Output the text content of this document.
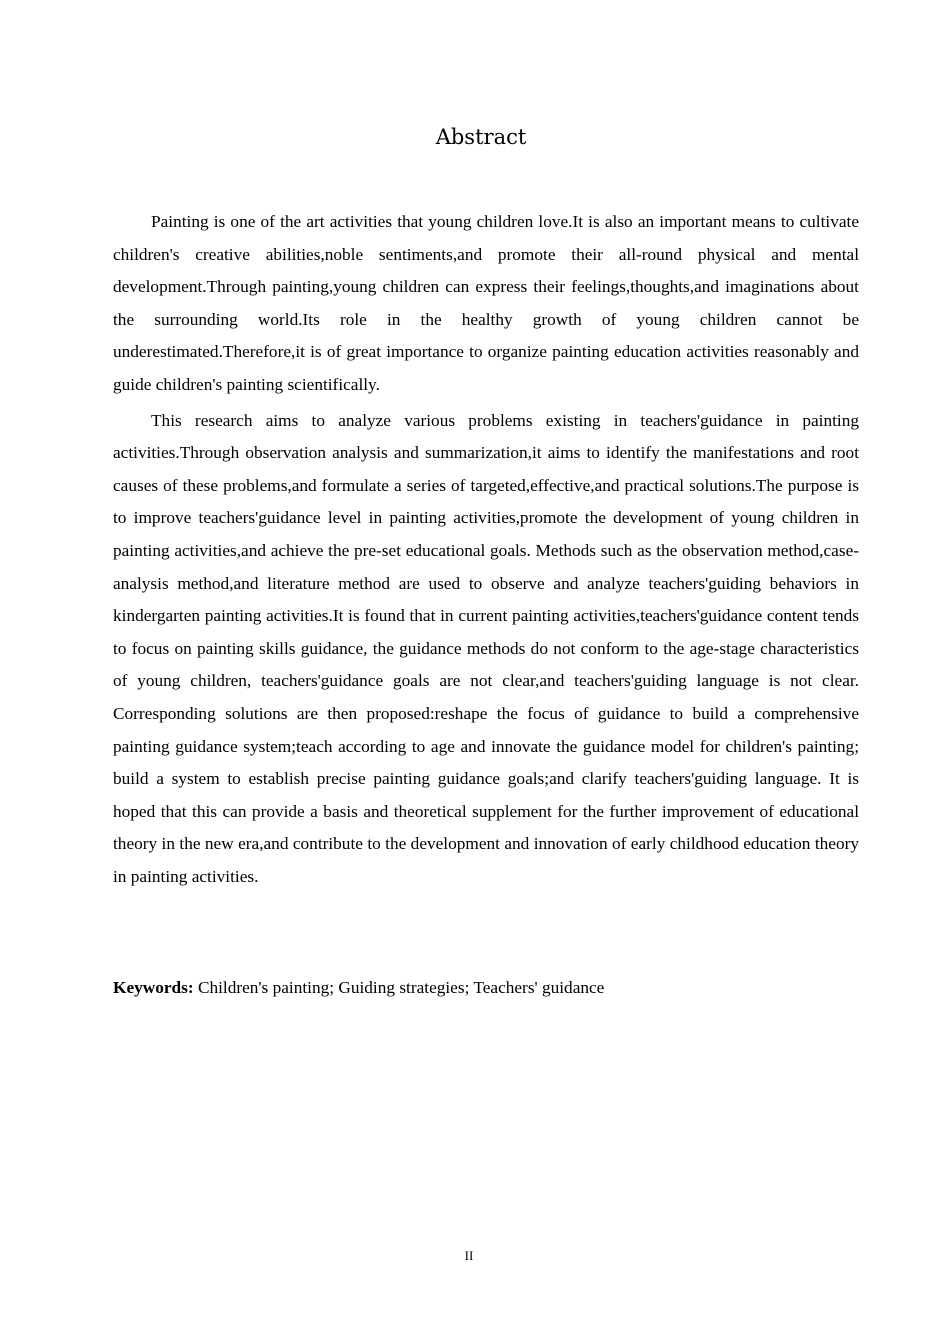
Abstract

Painting is one of the art activities that young children love.It is also an important means to cultivate children's creative abilities,noble sentiments,and promote their all-round physical and mental development.Through painting,young children can express their feelings,thoughts,and imaginations about the surrounding world.Its role in the healthy growth of young children cannot be underestimated.Therefore,it is of great importance to organize painting education activities reasonably and guide children's painting scientifically.

This research aims to analyze various problems existing in teachers'guidance in painting activities.Through observation analysis and summarization,it aims to identify the manifestations and root causes of these problems,and formulate a series of targeted,effective,and practical solutions.The purpose is to improve teachers'guidance level in painting activities,promote the development of young children in painting activities,and achieve the pre-set educational goals. Methods such as the observation method,case-analysis method,and literature method are used to observe and analyze teachers'guiding behaviors in kindergarten painting activities.It is found that in current painting activities,teachers'guidance content tends to focus on painting skills guidance, the guidance methods do not conform to the age-stage characteristics of young children, teachers'guidance goals are not clear,and teachers'guiding language is not clear. Corresponding solutions are then proposed:reshape the focus of guidance to build a comprehensive painting guidance system;teach according to age and innovate the guidance model for children's painting; build a system to establish precise painting guidance goals;and clarify teachers'guiding language. It is hoped that this can provide a basis and theoretical supplement for the further improvement of educational theory in the new era,and contribute to the development and innovation of early childhood education theory in painting activities.

Keywords: Children's painting; Guiding strategies; Teachers' guidance
II
